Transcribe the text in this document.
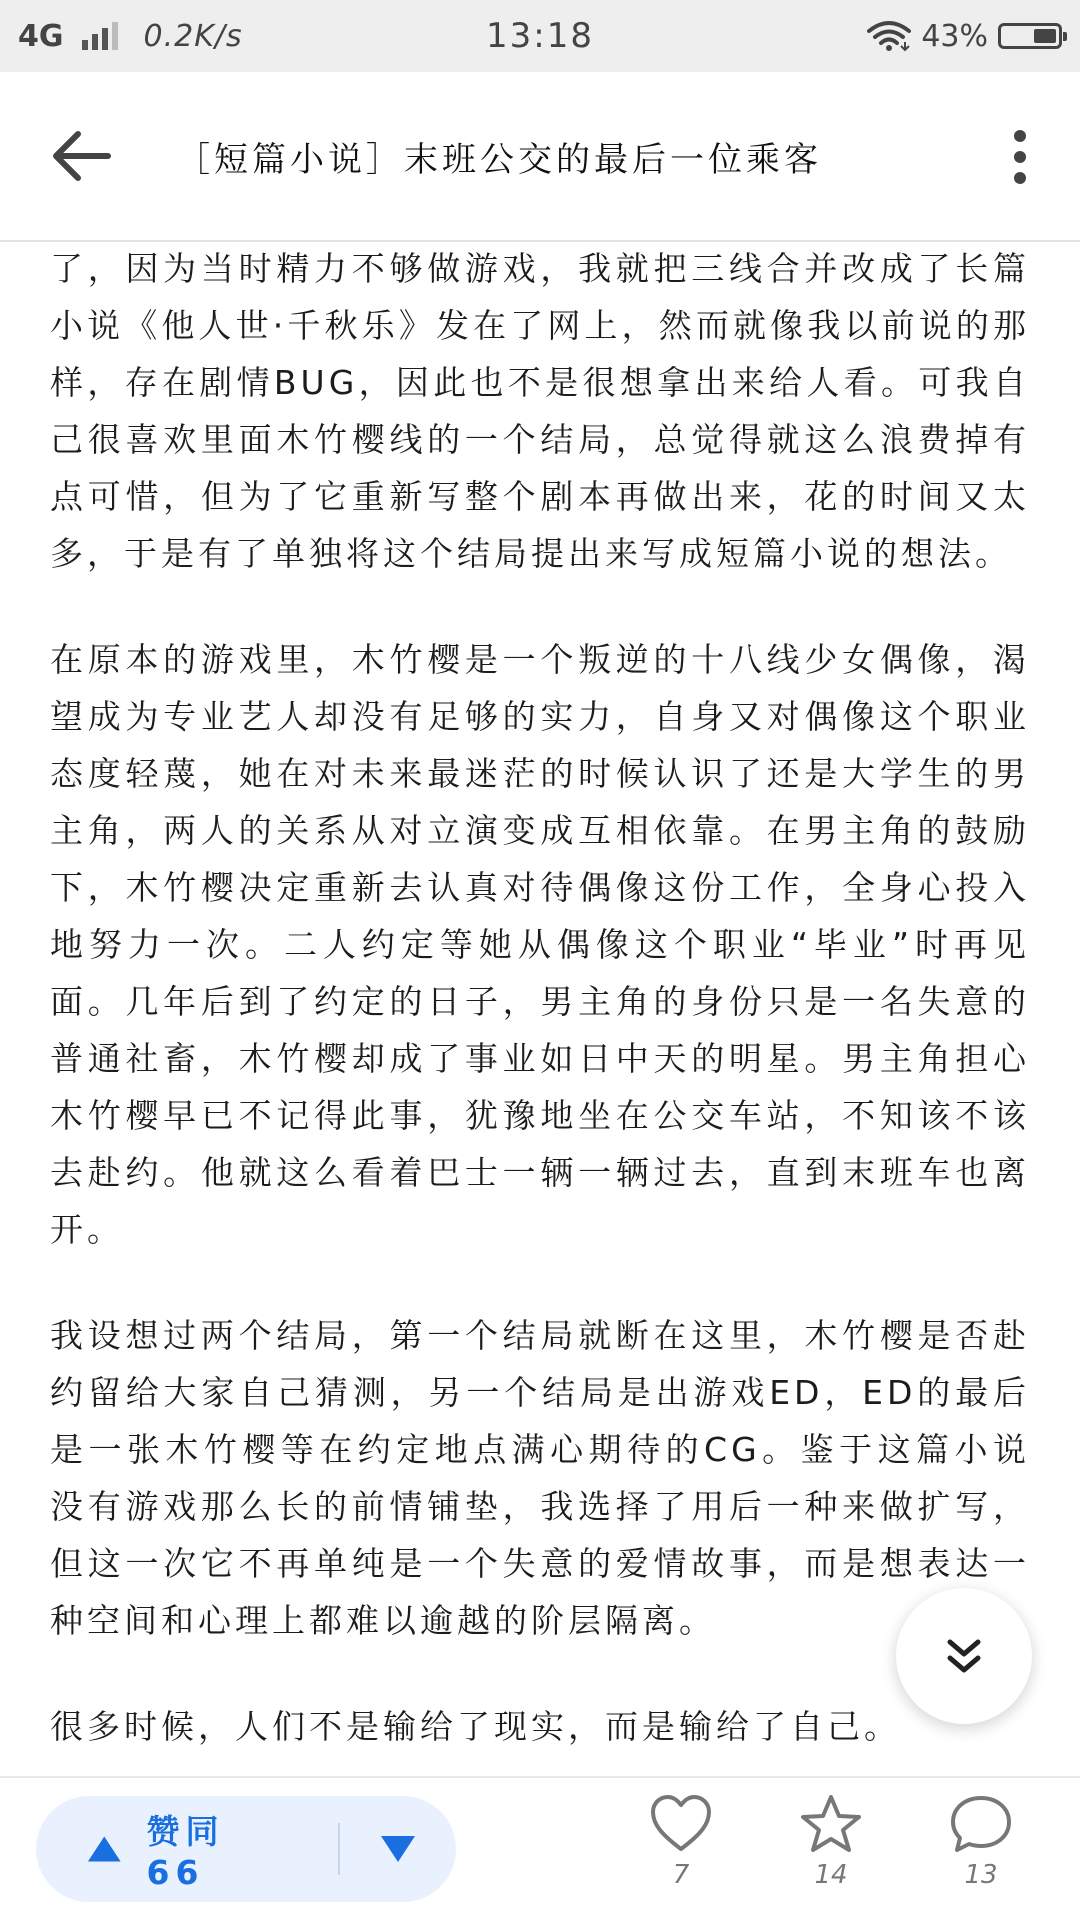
4G	0.2K/s	13:18	43%
［短篇小说］末班公交的最后一位乘客

了，因为当时精力不够做游戏，我就把三线合并改成了长篇小说《他人世·千秋乐》发在了网上，然而就像我以前说的那样，存在剧情BUG，因此也不是很想拿出来给人看。可我自己很喜欢里面木竹樱线的一个结局，总觉得就这么浪费掉有点可惜，但为了它重新写整个剧本再做出来，花的时间又太多，于是有了单独将这个结局提出来写成短篇小说的想法。

在原本的游戏里，木竹樱是一个叛逆的十八线少女偶像，渴望成为专业艺人却没有足够的实力，自身又对偶像这个职业态度轻蔑，她在对未来最迷茫的时候认识了还是大学生的男主角，两人的关系从对立演变成互相依靠。在男主角的鼓励下，木竹樱决定重新去认真对待偶像这份工作，全身心投入地努力一次。二人约定等她从偶像这个职业“毕业”时再见面。几年后到了约定的日子，男主角的身份只是一名失意的普通社畜，木竹樱却成了事业如日中天的明星。男主角担心木竹樱早已不记得此事，犹豫地坐在公交车站，不知该不该去赴约。他就这么看着巴士一辆一辆过去，直到末班车也离开。

我设想过两个结局，第一个结局就断在这里，木竹樱是否赴约留给大家自己猜测，另一个结局是出游戏ED，ED的最后是一张木竹樱等在约定地点满心期待的CG。鉴于这篇小说没有游戏那么长的前情铺垫，我选择了用后一种来做扩写，但这一次它不再单纯是一个失意的爱情故事，而是想表达一种空间和心理上都难以逾越的阶层隔离。

很多时候，人们不是输给了现实，而是输给了自己。

赞同 66	7	14	13
